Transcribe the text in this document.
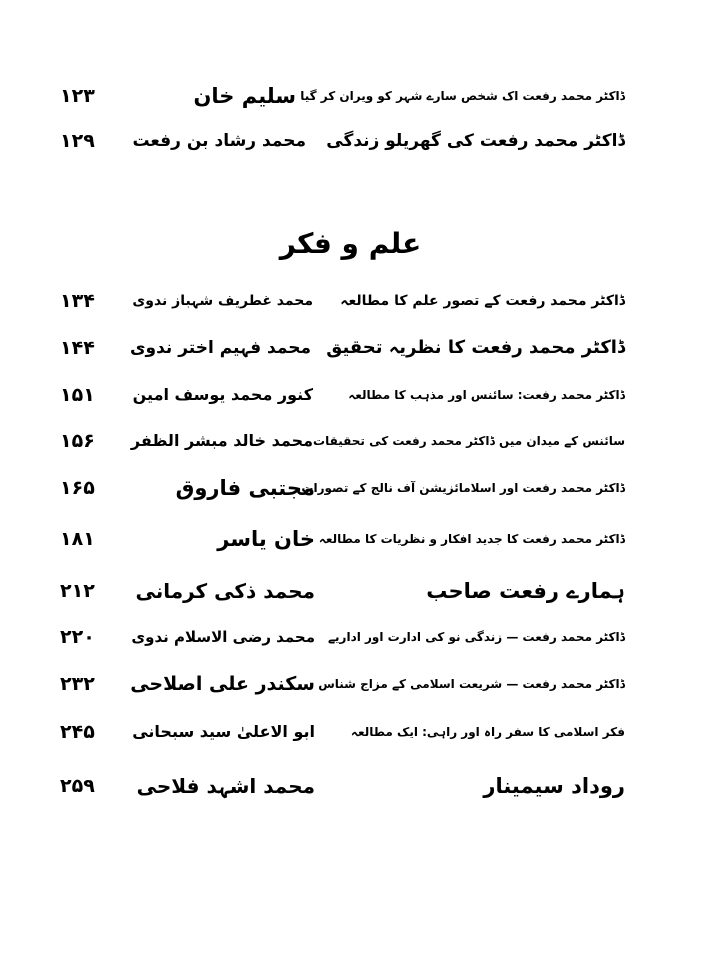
ڈاکٹر محمد رفعت اک شخص سارے شہر کو ویران کر گیا
سلیم خان
۱۲۳
ڈاکٹر محمد رفعت کی گھریلو زندگی
محمد رشاد بن رفعت
۱۲۹
علم و فکر
ڈاکٹر محمد رفعت کے تصور علم کا مطالعہ
محمد غطریف شہباز ندوی
۱۳۴
ڈاکٹر محمد رفعت کا نظریہ تحقیق
محمد فہیم اختر ندوی
۱۴۴
ڈاکٹر محمد رفعت: سائنس اور مذہب کا مطالعہ
کنور محمد یوسف امین
۱۵۱
سائنس کے میدان میں ڈاکٹر محمد رفعت کی تحقیقات
محمد خالد مبشر الظفر
۱۵۶
ڈاکٹر محمد رفعت اور اسلامائزیشن آف نالج کے تصورات
مجتبی فاروق
۱۶۵
ڈاکٹر محمد رفعت کا جدید افکار و نظریات کا مطالعہ
خان یاسر
۱۸۱
ہمارے رفعت صاحب
محمد ذکی کرمانی
۲۱۲
ڈاکٹر محمد رفعت — زندگی نو کی ادارت اور اداریے
محمد رضی الاسلام ندوی
۲۲۰
ڈاکٹر محمد رفعت — شریعت اسلامی کے مزاج شناس
سکندر علی اصلاحی
۲۳۲
فکر اسلامی کا سفر راہ اور راہی: ایک مطالعہ
ابو الاعلیٰ سید سبحانی
۲۴۵
روداد سیمینار
محمد اشہد فلاحی
۲۵۹
